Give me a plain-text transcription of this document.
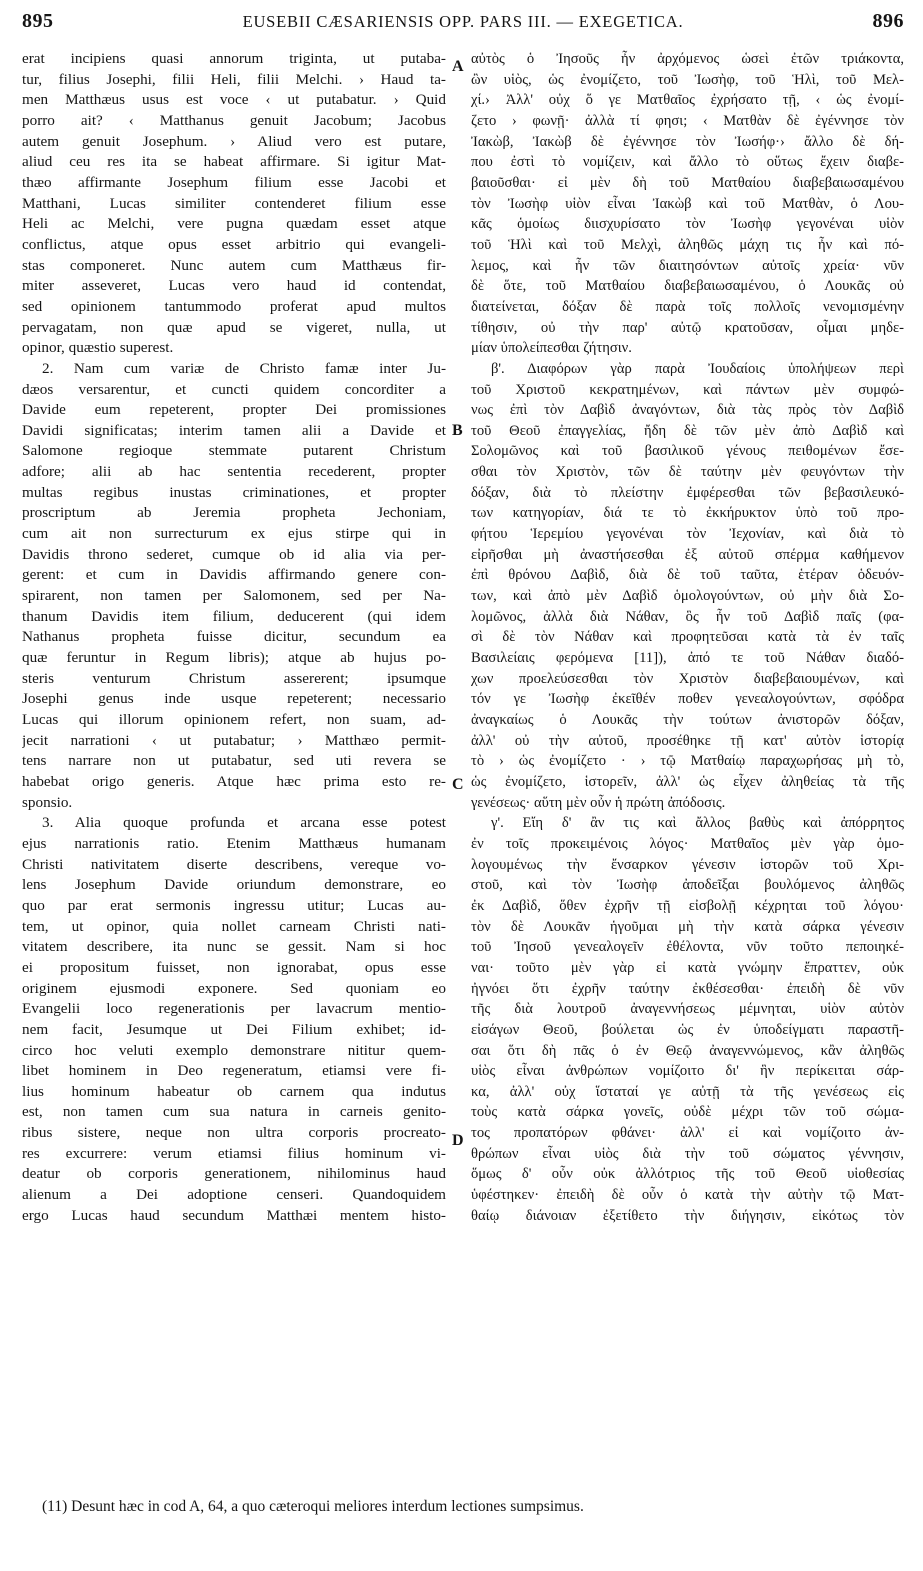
895	EUSEBII CÆSARIENSIS OPP. PARS III. — EXEGETICA.	896

erat incipiens quasi annorum triginta, ut putaba-

tur, filius Josephi, filii Heli, filii Melchi. › Haud ta-

men Matthæus usus est voce ‹ ut putabatur. › Quid

porro ait? ‹ Matthanus genuit Jacobum; Jacobus

autem genuit Josephum. › Aliud vero est putare,

aliud ceu res ita se habeat affirmare. Si igitur Mat-

thæo affirmante Josephum filium esse Jacobi et

Matthani, Lucas similiter contenderet filium esse

Heli ac Melchi, vere pugna quædam esset atque

conflictus, atque opus esset arbitrio qui evangeli-

stas componeret. Nunc autem cum Matthæus fir-

miter asseveret, Lucas vero haud id contendat,

sed opinionem tantummodo proferat apud multos

pervagatam, non quæ apud se vigeret, nulla, ut

opinor, quæstio superest.

2. Nam cum variæ de Christo famæ inter Ju-

dæos versarentur, et cuncti quidem concorditer a

Davide eum repeterent, propter Dei promissiones

Davidi significatas; interim tamen alii a Davide et

Salomone regioque stemmate putarent Christum

adfore; alii ab hac sententia recederent, propter

multas regibus inustas criminationes, et propter

proscriptum ab Jeremia propheta Jechoniam,

cum ait non surrecturum ex ejus stirpe qui in

Davidis throno sederet, cumque ob id alia via per-

gerent: et cum in Davidis affirmando genere con-

spirarent, non tamen per Salomonem, sed per Na-

thanum Davidis item filium, deducerent (qui idem

Nathanus propheta fuisse dicitur, secundum ea

quæ feruntur in Regum libris); atque ab hujus po-

steris venturum Christum assererent; ipsumque

Josephi genus inde usque repeterent; necessario

Lucas qui illorum opinionem refert, non suam, ad-

jecit narrationi ‹ ut putabatur; › Matthæo permit-

tens narrare non ut putabatur, sed uti revera se

habebat origo generis. Atque hæc prima esto re-

sponsio.

3. Alia quoque profunda et arcana esse potest

ejus narrationis ratio. Etenim Matthæus humanam

Christi nativitatem diserte describens, vereque vo-

lens Josephum Davide oriundum demonstrare, eo

quo par erat sermonis ingressu utitur; Lucas au-

tem, ut opinor, quia nollet carneam Christi nati-

vitatem describere, ita nunc se gessit. Nam si hoc

ei propositum fuisset, non ignorabat, opus esse

originem ejusmodi exponere. Sed quoniam eo

Evangelii loco regenerationis per lavacrum mentio-

nem facit, Jesumque ut Dei Filium exhibet; id-

circo hoc veluti exemplo demonstrare nititur quem-

libet hominem in Deo regeneratum, etiamsi vere fi-

lius hominum habeatur ob carnem qua indutus

est, non tamen cum sua natura in carneis genito-

ribus sistere, neque non ultra corporis procreato-

res excurrere: verum etiamsi filius hominum vi-

deatur ob corporis generationem, nihilominus haud

alienum a Dei adoptione censeri. Quandoquidem

ergo Lucas haud secundum Matthæi mentem histo-

A
B
C
D

αὐτὸς ὁ Ἰησοῦς ἦν ἀρχόμενος ὡσεὶ ἐτῶν τριάκοντα,

ὢν υἱὸς, ὡς ἐνομίζετο, τοῦ Ἰωσὴφ, τοῦ Ἡλὶ, τοῦ Μελ-

χί.› Ἀλλ' οὐχ ὅ γε Ματθαῖος ἐχρήσατο τῇ, ‹ ὡς ἐνομί-

ζετο › φωνῇ· ἀλλὰ τί φησι; ‹ Ματθὰν δὲ ἐγέννησε τὸν

Ἰακὼβ, Ἰακὼβ δὲ ἐγέννησε τὸν Ἰωσήφ·› ἄλλο δὲ δή-

που ἐστὶ τὸ νομίζειν, καὶ ἄλλο τὸ οὕτως ἔχειν διαβε-

βαιοῦσθαι· εἰ μὲν δὴ τοῦ Ματθαίου διαβεβαιωσαμένου

τὸν Ἰωσὴφ υἱὸν εἶναι Ἰακὼβ καὶ τοῦ Ματθὰν, ὁ Λου-

κᾶς ὁμοίως διισχυρίσατο τὸν Ἰωσὴφ γεγονέναι υἱὸν

τοῦ Ἡλὶ καὶ τοῦ Μελχὶ, ἀληθῶς μάχη τις ἦν καὶ πό-

λεμος, καὶ ἦν τῶν διαιτησόντων αὐτοῖς χρεία· νῦν

δὲ ὅτε, τοῦ Ματθαίου διαβεβαιωσαμένου, ὁ Λουκᾶς οὐ

διατείνεται, δόξαν δὲ παρὰ τοῖς πολλοῖς νενομισμένην

τίθησιν, οὐ τὴν παρ' αὐτῷ κρατοῦσαν, οἶμαι μηδε-

μίαν ὑπολείπεσθαι ζήτησιν.

β'. Διαφόρων γὰρ παρὰ Ἰουδαίοις ὑπολήψεων περὶ

τοῦ Χριστοῦ κεκρατημένων, καὶ πάντων μὲν συμφώ-

νως ἐπὶ τὸν Δαβὶδ ἀναγόντων, διὰ τὰς πρὸς τὸν Δαβὶδ

τοῦ Θεοῦ ἐπαγγελίας, ἤδη δὲ τῶν μὲν ἀπὸ Δαβὶδ καὶ

Σολομῶνος καὶ τοῦ βασιλικοῦ γένους πειθομένων ἔσε-

σθαι τὸν Χριστὸν, τῶν δὲ ταύτην μὲν φευγόντων τὴν

δόξαν, διὰ τὸ πλείστην ἐμφέρεσθαι τῶν βεβασιλευκό-

των κατηγορίαν, διά τε τὸ ἐκκήρυκτον ὑπὸ τοῦ προ-

φήτου Ἱερεμίου γεγονέναι τὸν Ἰεχονίαν, καὶ διὰ τὸ

εἰρῆσθαι μὴ ἀναστήσεσθαι ἐξ αὐτοῦ σπέρμα καθήμενον

ἐπὶ θρόνου Δαβὶδ, διὰ δὲ τοῦ ταῦτα, ἑτέραν ὁδευόν-

των, καὶ ἀπὸ μὲν Δαβὶδ ὁμολογούντων, οὐ μὴν διὰ Σο-

λομῶνος, ἀλλὰ διὰ Νάθαν, ὃς ἦν τοῦ Δαβὶδ παῖς (φα-

σὶ δὲ τὸν Νάθαν καὶ προφητεῦσαι κατὰ τὰ ἐν ταῖς

Βασιλείαις φερόμενα [11]), ἀπό τε τοῦ Νάθαν διαδό-

χων προελεύσεσθαι τὸν Χριστὸν διαβεβαιουμένων, καὶ

τόν γε Ἰωσὴφ ἐκεῖθέν ποθεν γενεαλογούντων, σφόδρα

ἀναγκαίως ὁ Λουκᾶς τὴν τούτων ἀνιστορῶν δόξαν,

ἀλλ' οὐ τὴν αὐτοῦ, προσέθηκε τῇ κατ' αὐτὸν ἱστορίᾳ

τὸ › ὡς ἐνομίζετο · › τῷ Ματθαίῳ παραχωρήσας μὴ τὸ,

ὡς ἐνομίζετο, ἱστορεῖν, ἀλλ' ὡς εἶχεν ἀληθείας τὰ τῆς

γενέσεως· αὕτη μὲν οὖν ἡ πρώτη ἀπόδοσις.

γ'. Εἴη δ' ἂν τις καὶ ἄλλος βαθὺς καὶ ἀπόρρητος

ἐν τοῖς προκειμένοις λόγος· Ματθαῖος μὲν γὰρ ὁμο-

λογουμένως τὴν ἔνσαρκον γένεσιν ἱστορῶν τοῦ Χρι-

στοῦ, καὶ τὸν Ἰωσὴφ ἀποδεῖξαι βουλόμενος ἀληθῶς

ἐκ Δαβὶδ, ὅθεν ἐχρῆν τῇ εἰσβολῇ κέχρηται τοῦ λόγου·

τὸν δὲ Λουκᾶν ἡγοῦμαι μὴ τὴν κατὰ σάρκα γένεσιν

τοῦ Ἰησοῦ γενεαλογεῖν ἐθέλοντα, νῦν τοῦτο πεποιηκέ-

ναι· τοῦτο μὲν γὰρ εἰ κατὰ γνώμην ἔπραττεν, οὐκ

ἠγνόει ὅτι ἐχρῆν ταύτην ἐκθέσεσθαι· ἐπειδὴ δὲ νῦν

τῆς διὰ λουτροῦ ἀναγεννήσεως μέμνηται, υἱὸν αὐτὸν

εἰσάγων Θεοῦ, βούλεται ὡς ἐν ὑποδείγματι παραστῆ-

σαι ὅτι δὴ πᾶς ὁ ἐν Θεῷ ἀναγεννώμενος, κἂν ἀληθῶς

υἱὸς εἶναι ἀνθρώπων νομίζοιτο δι' ἣν περίκειται σάρ-

κα, ἀλλ' οὐχ ἵσταταί γε αὐτῇ τὰ τῆς γενέσεως εἰς

τοὺς κατὰ σάρκα γονεῖς, οὐδὲ μέχρι τῶν τοῦ σώμα-

τος προπατόρων φθάνει· ἀλλ' εἰ καὶ νομίζοιτο ἀν-

θρώπων εἶναι υἱὸς διὰ τὴν τοῦ σώματος γέννησιν,

ὅμως δ' οὖν οὐκ ἀλλότριος τῆς τοῦ Θεοῦ υἱοθεσίας

ὑφέστηκεν· ἐπειδὴ δὲ οὖν ὁ κατὰ τὴν αὐτὴν τῷ Ματ-

θαίῳ διάνοιαν ἐξετίθετο τὴν διήγησιν, εἰκότως τὸν

(11) Desunt hæc in cod A, 64, a quo cæteroqui meliores interdum lectiones sumpsimus.
